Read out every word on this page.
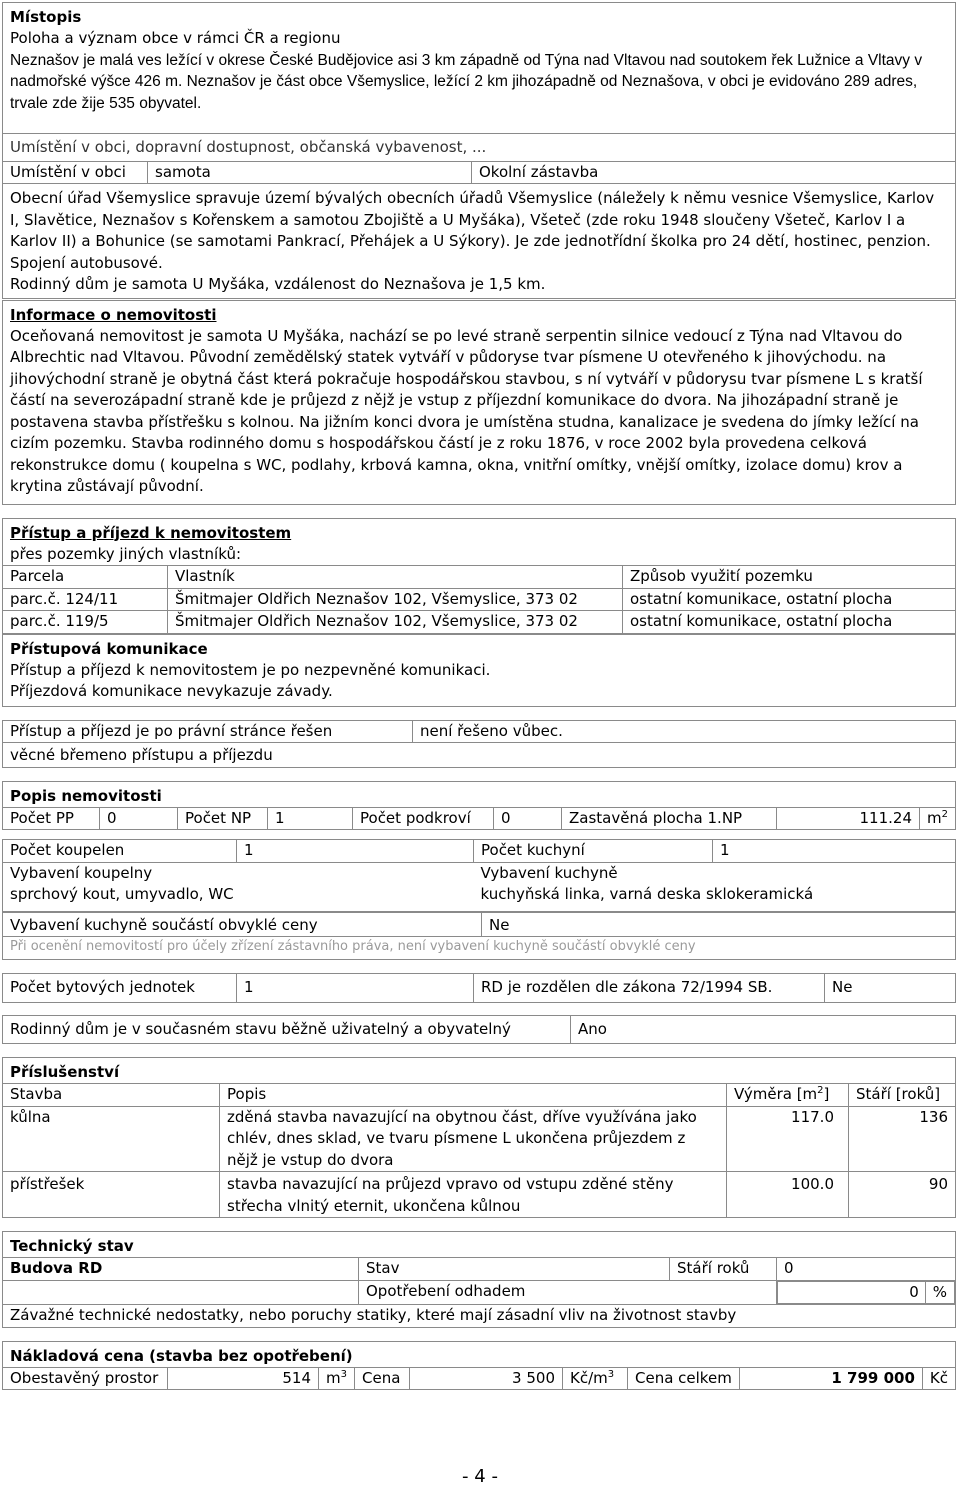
Místopis
Poloha a význam obce v rámci ČR a regionu
Neznašov je malá ves ležící v okrese České Budějovice asi 3 km západně od Týna nad Vltavou nad soutokem řek Lužnice a Vltavy v nadmořské výšce 426 m. Neznašov je část obce Všemyslice, ležící 2 km jihozápadně od Neznašova, v obci je evidováno 289 adres, trvale zde žije 535 obyvatel.
Umístění v obci, dopravní dostupnost, občanská vybavenost, ...
Umístění v obci	samota	Okolní zástavba
Obecní úřad Všemyslice spravuje území bývalých obecních úřadů Všemyslice (náležely k němu vesnice Všemyslice, Karlov I, Slavětice, Neznašov s Kořenskem a samotou Zbojiště a U Myšáka), Všeteč (zde roku 1948 sloučeny Všeteč, Karlov I a Karlov II) a Bohunice (se samotami Pankrací, Přehájek a U Sýkory). Je zde jednotřídní školka pro 24 dětí, hostinec, penzion. Spojení autobusové.
Rodinný dům je samota U Myšáka, vzdálenost do Neznašova je 1,5 km.
Informace o nemovitosti
Oceňovaná nemovitost je samota U Myšáka, nachází se po levé straně serpentin silnice vedoucí z Týna nad Vltavou do Albrechtic nad Vltavou. Původní zemědělský statek vytváří v půdoryse tvar písmene U otevřeného k jihovýchodu. na jihovýchodní straně je obytná část která pokračuje hospodářskou stavbou, s ní vytváří v půdorysu tvar písmene L s kratší částí na severozápadní straně kde je průjezd z nějž je vstup z příjezdní komunikace do dvora. Na jihozápadní straně je postavena stavba přístřešku s kolnou. Na jižním konci dvora je umístěna studna, kanalizace je svedena do jímky ležící na cizím pozemku. Stavba rodinného domu s hospodářskou částí je z roku 1876, v roce 2002 byla provedena celková rekonstrukce domu ( koupelna s WC, podlahy, krbová kamna, okna, vnitřní omítky, vnější omítky, izolace domu) krov a krytina zůstávají původní.
Přístup a příjezd k nemovitostem
přes pozemky jiných vlastníků:
Parcela	Vlastník	Způsob využití pozemku
parc.č. 124/11	Šmitmajer Oldřich Neznašov 102, Všemyslice, 373 02	ostatní komunikace, ostatní plocha
parc.č. 119/5	Šmitmajer Oldřich Neznašov 102, Všemyslice, 373 02	ostatní komunikace, ostatní plocha
Přístupová komunikace
Přístup a příjezd k nemovitostem je po nezpevněné komunikaci.
Příjezdová komunikace nevykazuje závady.
Přístup a příjezd je po právní stránce řešen	není řešeno vůbec.
věcné břemeno přístupu a příjezdu
Popis nemovitosti
Počet PP	0	Počet NP	1	Počet podkroví	0	Zastavěná plocha 1.NP	111.24	$m^2$
Počet koupelen	1	Počet kuchyní	1
Vybavení koupelny		Vybavení kuchyně	
sprchový kout, umyvadlo, WC		kuchyňská linka, varná deska sklokeramická	
Vybavení kuchyně součástí obvyklé ceny	Ne
Při ocenění nemovitostí pro účely zřízení zástavního práva, není vybavení kuchyně součástí obvyklé ceny
Počet bytových jednotek	1	RD je rozdělen dle zákona 72/1994 SB.	Ne
Rodinný dům je v současném stavu běžně uživatelný a obyvatelný	Ano
Příslušenství
Stavba	Popis	Výměra $[m^2]$	Stáří [roků]
kůlna	zděná stavba navazující na obytnou část, dříve využívána jako chlév, dnes sklad, ve tvaru písmene L ukončena průjezdem z nějž je vstup do dvora	117.0	136
přístřešek	stavba navazující na průjezd vpravo od vstupu zděné stěny střecha vlnitý eternit, ukončena kůlnou	100.0	90
Technický stav
Budova RD	Stav	Stáří roků	0
	Opotřebení odhadem		0	%

Závažné technické nedostatky, nebo poruchy statiky, které mají zásadní vliv na životnost stavby
Nákladová cena (stavba bez opotřebení)
Obestavěný prostor	514	$m^3$	Cena	3 500	$Kč/m^3$	Cena celkem	1 799 000	Kč
- 4 -
